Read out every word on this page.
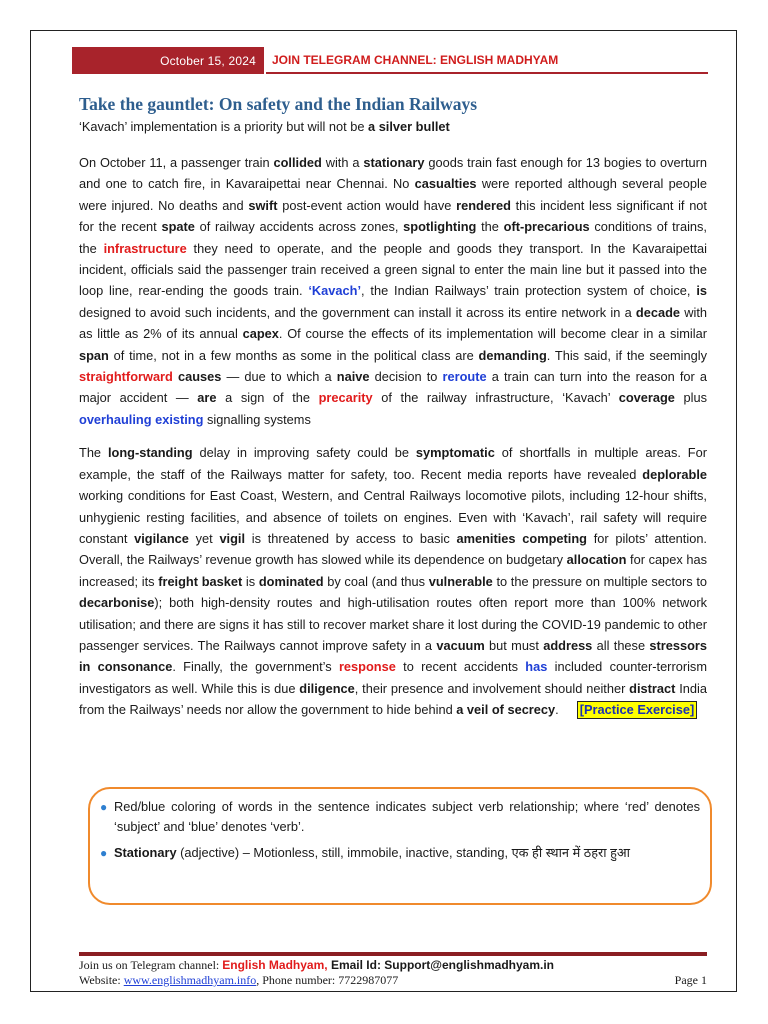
October 15, 2024 JOIN TELEGRAM CHANNEL: ENGLISH MADHYAM
Take the gauntlet: On safety and the Indian Railways

‘Kavach’ implementation is a priority but will not be a silver bullet

On October 11, a passenger train collided with a stationary goods train fast enough for 13 bogies to overturn and one to catch fire, in Kavaraipettai near Chennai. No casualties were reported although several people were injured. No deaths and swift post-event action would have rendered this incident less significant if not for the recent spate of railway accidents across zones, spotlighting the oft-precarious conditions of trains, the infrastructure they need to operate, and the people and goods they transport. In the Kavaraipettai incident, officials said the passenger train received a green signal to enter the main line but it passed into the loop line, rear-ending the goods train. ‘Kavach’, the Indian Railways’ train protection system of choice, is designed to avoid such incidents, and the government can install it across its entire network in a decade with as little as 2% of its annual capex. Of course the effects of its implementation will become clear in a similar span of time, not in a few months as some in the political class are demanding. This said, if the seemingly straightforward causes — due to which a naive decision to reroute a train can turn into the reason for a major accident — are a sign of the precarity of the railway infrastructure, ‘Kavach’ coverage plus overhauling existing signalling systems

The long-standing delay in improving safety could be symptomatic of shortfalls in multiple areas. For example, the staff of the Railways matter for safety, too. Recent media reports have revealed deplorable working conditions for East Coast, Western, and Central Railways locomotive pilots, including 12-hour shifts, unhygienic resting facilities, and absence of toilets on engines. Even with ‘Kavach’, rail safety will require constant vigilance yet vigil is threatened by access to basic amenities competing for pilots’ attention. Overall, the Railways’ revenue growth has slowed while its dependence on budgetary allocation for capex has increased; its freight basket is dominated by coal (and thus vulnerable to the pressure on multiple sectors to decarbonise); both high-density routes and high-utilisation routes often report more than 100% network utilisation; and there are signs it has still to recover market share it lost during the COVID-19 pandemic to other passenger services. The Railways cannot improve safety in a vacuum but must address all these stressors in consonance. Finally, the government’s response to recent accidents has included counter-terrorism investigators as well. While this is due diligence, their presence and involvement should neither distract India from the Railways’ needs nor allow the government to hide behind a veil of secrecy. [Practice Exercise]

● Red/blue coloring of words in the sentence indicates subject verb relationship; where ‘red’ denotes ‘subject’ and ‘blue’ denotes ‘verb’.
● Stationary (adjective) – Motionless, still, immobile, inactive, standing, एक ही स्थान में ठहरा हुआ
Join us on Telegram channel: English Madhyam, Email Id: Support@englishmadhyam.in
Website: www.englishmadhyam.info, Phone number: 7722987077	Page 1
